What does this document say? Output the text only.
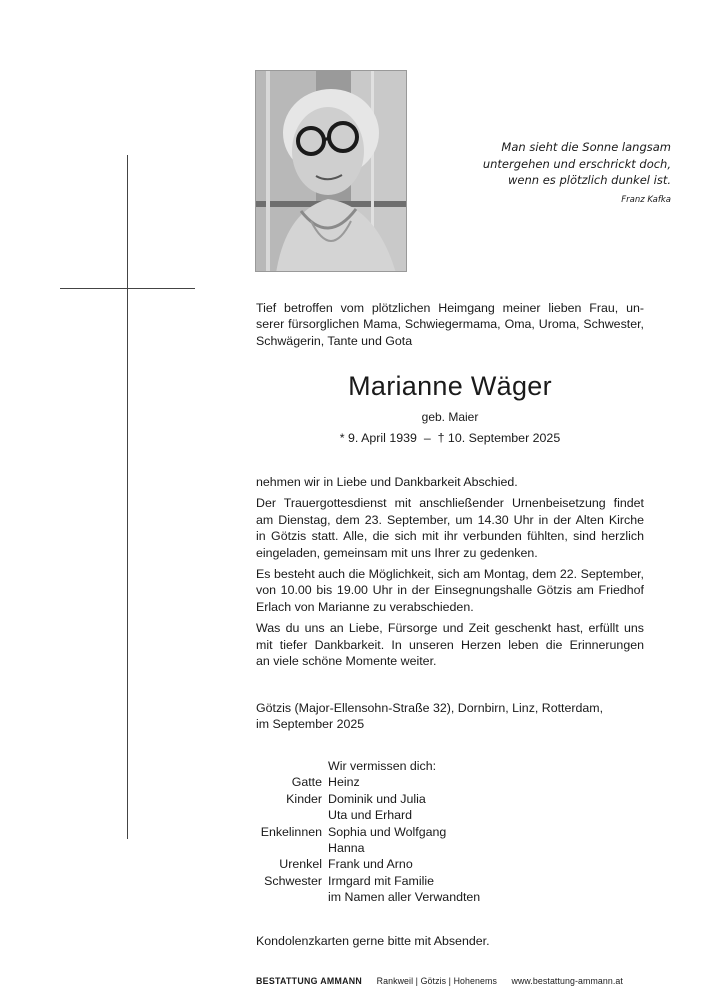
Man sieht die Sonne langsam
untergehen und erschrickt doch,
wenn es plötzlich dunkel ist.
Franz Kafka
Tief betroffen vom plötzlichen Heimgang meiner lieben Frau, un-
serer fürsorglichen Mama, Schwiegermama, Oma, Uroma, Schwester,
Schwägerin, Tante und Gota
Marianne Wäger
geb. Maier
* 9. April 1939  –  † 10. September 2025

nehmen wir in Liebe und Dankbarkeit Abschied.

Der Trauergottesdienst mit anschließender Urnenbeisetzung findet
am Dienstag, dem 23. September, um 14.30 Uhr in der Alten Kirche
in Götzis statt. Alle, die sich mit ihr verbunden fühlten, sind herzlich
eingeladen, gemeinsam mit uns Ihrer zu gedenken.

Es besteht auch die Möglichkeit, sich am Montag, dem 22. September,
von 10.00 bis 19.00 Uhr in der Einsegnungshalle Götzis am Friedhof
Erlach von Marianne zu verabschieden.

Was du uns an Liebe, Fürsorge und Zeit geschenkt hast, erfüllt uns
mit tiefer Dankbarkeit. In unseren Herzen leben die Erinnerungen
an viele schöne Momente weiter.

Götzis (Major-Ellensohn-Straße 32), Dornbirn, Linz, Rotterdam,
im September 2025
Wir vermissen dich:
Gatte Heinz
Kinder Dominik und Julia
Uta und Erhard
Enkelinnen Sophia und Wolfgang
Hanna
Urenkel Frank und Arno
Schwester Irmgard mit Familie
im Namen aller Verwandten
Kondolenzkarten gerne bitte mit Absender.
BESTATTUNG AMMANN Rankweil | Götzis | Hohenems www.bestattung-ammann.at
